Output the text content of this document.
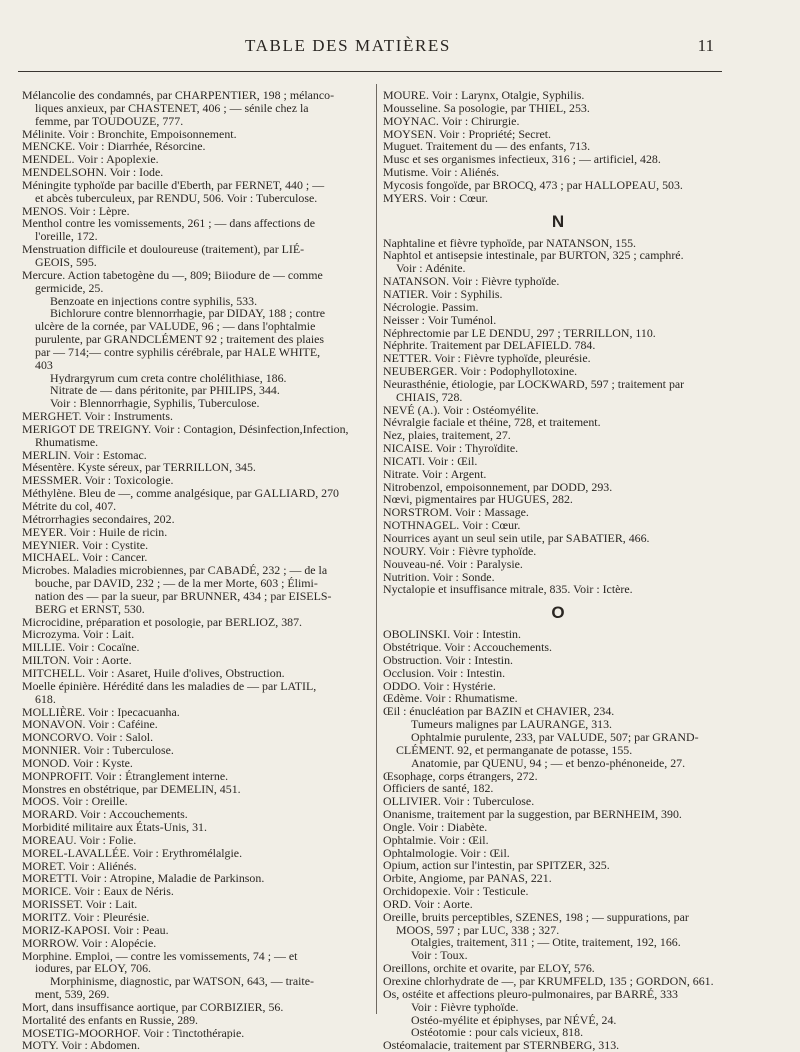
TABLE DES MATIÈRES	11
Mélancolie des condamnés, par CHARPENTIER, 198 ; mélanco-
liques anxieux, par CHASTENET, 406 ; — sénile chez la
femme, par TOUDOUZE, 777.
Mélinite. Voir : Bronchite, Empoisonnement.
MENCKE. Voir : Diarrhée, Résorcine.
MENDEL. Voir : Apoplexie.
MENDELSOHN. Voir : Iode.
Méningite typhoïde par bacille d'Eberth, par FERNET, 440 ; —
et abcès tuberculeux, par RENDU, 506. Voir : Tuberculose.
MENOS. Voir : Lèpre.
Menthol contre les vomissements, 261 ; — dans affections de
l'oreille, 172.
Menstruation difficile et douloureuse (traitement), par LIÉ-
GEOIS, 595.
Mercure. Action tabetogène du —, 809; Biiodure de — comme
germicide, 25.
Benzoate en injections contre syphilis, 533.
Bichlorure contre blennorrhagie, par DIDAY, 188 ; contre
ulcère de la cornée, par VALUDE, 96 ; — dans l'ophtalmie
purulente, par GRANDCLÉMENT 92 ; traitement des plaies
par — 714;— contre syphilis cérébrale, par HALE WHITE,
403
Hydrargyrum cum creta contre cholélithiase, 186.
Nitrate de — dans péritonite, par PHILIPS, 344.
Voir : Blennorrhagie, Syphilis, Tuberculose.
MERGHET. Voir : Instruments.
MERIGOT DE TREIGNY. Voir : Contagion, Désinfection,Infection,
Rhumatisme.
MERLIN. Voir : Estomac.
Mésentère. Kyste séreux, par TERRILLON, 345.
MESSMER. Voir : Toxicologie.
Méthylène. Bleu de —, comme analgésique, par GALLIARD, 270
Métrite du col, 407.
Métrorrhagies secondaires, 202.
MEYER. Voir : Huile de ricin.
MEYNIER. Voir : Cystite.
MICHAEL. Voir : Cancer.
Microbes. Maladies microbiennes, par CABADÉ, 232 ; — de la
bouche, par DAVID, 232 ; — de la mer Morte, 603 ; Élimi-
nation des — par la sueur, par BRUNNER, 434 ; par EISELS-
BERG et ERNST, 530.
Microcidine, préparation et posologie, par BERLIOZ, 387.
Microzyma. Voir : Lait.
MILLIE. Voir : Cocaïne.
MILTON. Voir : Aorte.
MITCHELL. Voir : Asaret, Huile d'olives, Obstruction.
Moelle épinière. Hérédité dans les maladies de — par LATIL,
618.
MOLLIÈRE. Voir : Ipecacuanha.
MONAVON. Voir : Caféine.
MONCORVO. Voir : Salol.
MONNIER. Voir : Tuberculose.
MONOD. Voir : Kyste.
MONPROFIT. Voir : Étranglement interne.
Monstres en obstétrique, par DEMELIN, 451.
MOOS. Voir : Oreille.
MORARD. Voir : Accouchements.
Morbidité militaire aux États-Unis, 31.
MOREAU. Voir : Folie.
MOREL-LAVALLÉE. Voir : Erythromélalgie.
MORET. Voir : Aliénés.
MORETTI. Voir : Atropine, Maladie de Parkinson.
MORICE. Voir : Eaux de Néris.
MORISSET. Voir : Lait.
MORITZ. Voir : Pleurésie.
MORIZ-KAPOSI. Voir : Peau.
MORROW. Voir : Alopécie.
Morphine. Emploi, — contre les vomissements, 74 ; — et
iodures, par ELOY, 706.
Morphinisme, diagnostic, par WATSON, 643, — traite-
ment, 539, 269.
Mort, dans insuffisance aortique, par CORBIZIER, 56.
Mortalité des enfants en Russie, 289.
MOSETIG-MOORHOF. Voir : Tinctothérapie.
MOTY. Voir : Abdomen.
MOURE. Voir : Larynx, Otalgie, Syphilis.
Mousseline. Sa posologie, par THIEL, 253.
MOYNAC. Voir : Chirurgie.
MOYSEN. Voir : Propriété; Secret.
Muguet. Traitement du — des enfants, 713.
Musc et ses organismes infectieux, 316 ; — artificiel, 428.
Mutisme. Voir : Aliénés.
Mycosis fongoïde, par BROCQ, 473 ; par HALLOPEAU, 503.
MYERS. Voir : Cœur.
N
Naphtaline et fièvre typhoïde, par NATANSON, 155.
Naphtol et antisepsie intestinale, par BURTON, 325 ; camphré.
Voir : Adénite.
NATANSON. Voir : Fièvre typhoïde.
NATIER. Voir : Syphilis.
Nécrologie. Passim.
Neisser : Voir Tuménol.
Néphrectomie par LE DENDU, 297 ; TERRILLON, 110.
Néphrite. Traitement par DELAFIELD. 784.
NETTER. Voir : Fièvre typhoïde, pleurésie.
NEUBERGER. Voir : Podophyllotoxine.
Neurasthénie, étiologie, par LOCKWARD, 597 ; traitement par
CHIAIS, 728.
NEVÉ (A.). Voir : Ostéomyélite.
Névralgie faciale et théine, 728, et traitement.
Nez, plaies, traitement, 27.
NICAISE. Voir : Thyroïdite.
NICATI. Voir : Œil.
Nitrate. Voir : Argent.
Nitrobenzol, empoisonnement, par DODD, 293.
Nœvi, pigmentaires par HUGUES, 282.
NORSTROM. Voir : Massage.
NOTHNAGEL. Voir : Cœur.
Nourrices ayant un seul sein utile, par SABATIER, 466.
NOURY. Voir : Fièvre typhoïde.
Nouveau-né. Voir : Paralysie.
Nutrition. Voir : Sonde.
Nyctalopie et insuffisance mitrale, 835. Voir : Ictère.
O
OBOLINSKI. Voir : Intestin.
Obstétrique. Voir : Accouchements.
Obstruction. Voir : Intestin.
Occlusion. Voir : Intestin.
ODDO. Voir : Hystérie.
Œdème. Voir : Rhumatisme.
Œil : énucléation par BAZIN et CHAVIER, 234.
Tumeurs malignes par LAURANGE, 313.
Ophtalmie purulente, 233, par VALUDE, 507; par GRAND-
CLÉMENT. 92, et permanganate de potasse, 155.
Anatomie, par QUENU, 94 ; — et benzo-phénoneide, 27.
Œsophage, corps étrangers, 272.
Officiers de santé, 182.
OLLIVIER. Voir : Tuberculose.
Onanisme, traitement par la suggestion, par BERNHEIM, 390.
Ongle. Voir : Diabète.
Ophtalmie. Voir : Œil.
Ophtalmologie. Voir : Œil.
Opium, action sur l'intestin, par SPITZER, 325.
Orbite, Angiome, par PANAS, 221.
Orchidopexie. Voir : Testicule.
ORD. Voir : Aorte.
Oreille, bruits perceptibles, SZENES, 198 ; — suppurations, par
MOOS, 597 ; par LUC, 338 ; 327.
Otalgies, traitement, 311 ; — Otite, traitement, 192, 166.
Voir : Toux.
Oreillons, orchite et ovarite, par ELOY, 576.
Orexine chlorhydrate de —, par KRUMFELD, 135 ; GORDON, 661.
Os, ostéite et affections pleuro-pulmonaires, par BARRÉ, 333
Voir : Fièvre typhoïde.
Ostéo-myélite et épiphyses, par NÉVÉ, 24.
Ostéotomie : pour cals vicieux, 818.
Ostéomalacie, traitement par STERNBERG, 313.
